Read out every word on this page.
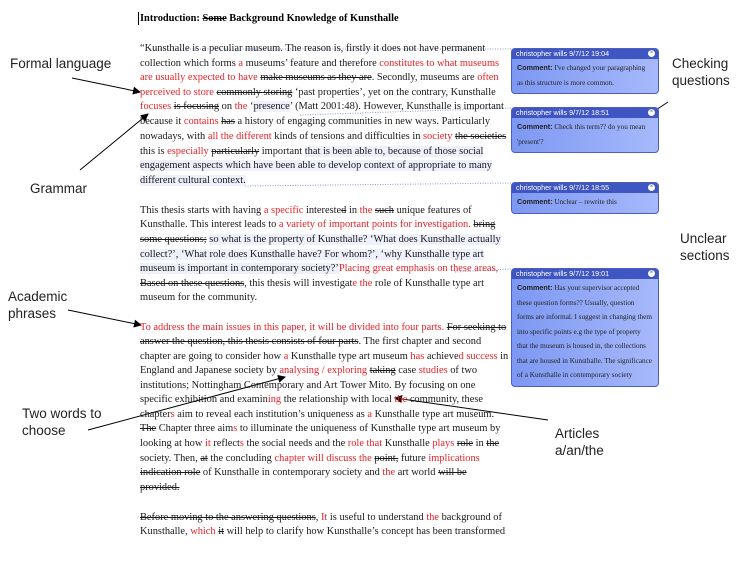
Introduction: Some Background Knowledge of Kunsthalle
“Kunsthalle is a peculiar museum. The reason is, firstly it does not have permanent
collection which forms a museums’ feature and therefore constitutes to what museums
are usually expected to have make museums as they are. Secondly, museums are often
perceived to store commonly storing ‘past properties’, yet on the contrary, Kunsthalle
focuses is focusing on the ‘presence’ (Matt 2001:48). However, Kunsthalle is important
because it contains has a history of engaging communities in new ways. Particularly
nowadays, with all the different kinds of tensions and difficulties in society the societies
this is especially particularly important that is been able to, because of those social
engagement aspects which have been able to develop context of appropriate to many
different cultural context.
This thesis starts with having a specific interested in the such unique features of
Kunsthalle. This interest leads to a variety of important points for investigation. bring
some questions; so what is the property of Kunsthalle? ‘What does Kunsthalle actually
collect?’, ‘What role does Kunsthalle have? For whom?’, ‘why Kunsthalle type art
museum is important in contemporary society?’Placing great emphasis on these areas,
Based on these questions, this thesis will investigate the role of Kunsthalle type art
museum for the community.
To address the main issues in this paper, it will be divided into four parts. For seeking to
answer the question, this thesis consists of four parts. The first chapter and second
chapter are going to consider how a Kunsthalle type art museum has achieved success in
England and Japanese society by analysing / exploring taking case studies of two
institutions; Nottingham Contemporary and Art Tower Mito. By focusing on one
specific exhibition and examining the relationship with local the community, these
chapters aim to reveal each institution’s uniqueness as a Kunsthalle type art museum.
The Chapter three aims to illuminate the uniqueness of Kunsthalle type art museum by
looking at how it reflects the social needs and the role that Kunsthalle plays role in the
society. Then, at the concluding chapter will discuss the point, future implications
indication role of Kunsthalle in contemporary society and the art world will be
provided.
Before moving to the answering questions, It is useful to understand the background of
Kunsthalle, which it will help to clarify how Kunsthalle’s concept has been transformed
Formal language
Grammar
Academic phrases
Two words to choose
Checking questions
Unclear sections
Articles a/an/the
christopher wills 9/7/12 19:04	×
Comment: I've changed your paragraphing as this structure is more common.
christopher wills 9/7/12 18:51	×
Comment: Check this term?? do you mean 'present'?
christopher wills 9/7/12 18:55	×
Comment: Unclear – rewrite this
christopher wills 9/7/12 19:01	×
Comment: Has your supervisor accepted these question forms?? Usually, question forms are informal. I suggest in changing them into specific points e.g the type of property that the museum is housed in, the collections that are housed in Kunsthalle. The significance of a Kunsthalle in contemporary society
